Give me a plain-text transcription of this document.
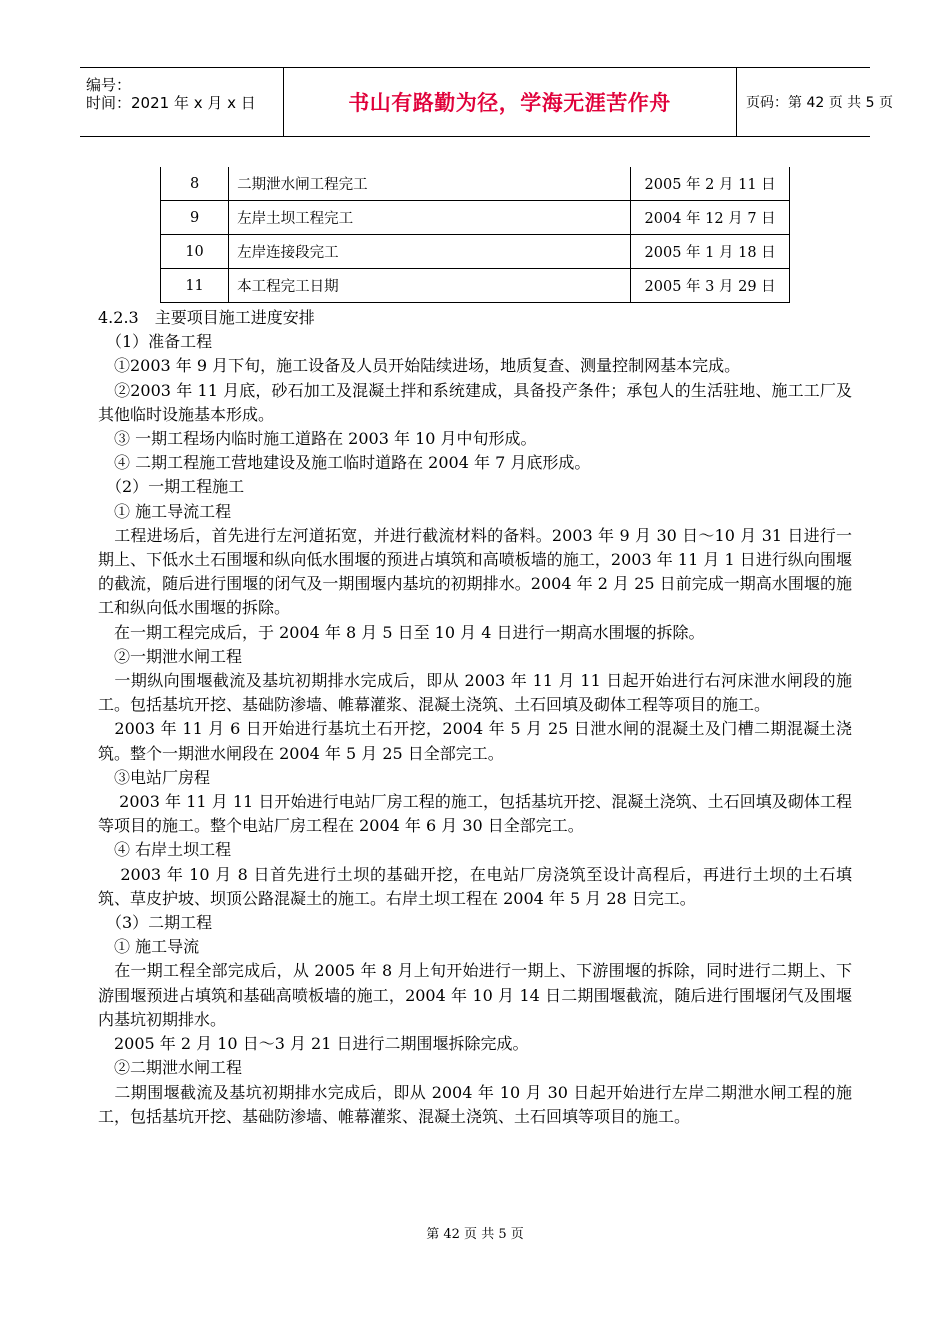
编号：
时间：2021 年 x 月 x 日	书山有路勤为径，学海无涯苦作舟	页码：第 42 页 共 5 页
8	二期泄水闸工程完工	2005 年 2 月 11 日
9	左岸土坝工程完工	2004 年 12 月 7 日
10	左岸连接段完工	2005 年 1 月 18 日
11	本工程完工日期	2005 年 3 月 29 日

4.2.3　主要项目施工进度安排

　（1）准备工程

　①2003 年 9 月下旬，施工设备及人员开始陆续进场，地质复查、测量控制网基本完成。

　②2003 年 11 月底，砂石加工及混凝土拌和系统建成，具备投产条件；承包人的生活驻地、施工工厂及其他临时设施基本形成。

　③ 一期工程场内临时施工道路在 2003 年 10 月中旬形成。

　④ 二期工程施工营地建设及施工临时道路在 2004 年 7 月底形成。

　（2）一期工程施工

　① 施工导流工程

　工程进场后，首先进行左河道拓宽，并进行截流材料的备料。2003 年 9 月 30 日～10 月 31 日进行一期上、下低水土石围堰和纵向低水围堰的预进占填筑和高喷板墙的施工，2003 年 11 月 1 日进行纵向围堰的截流，随后进行围堰的闭气及一期围堰内基坑的初期排水。2004 年 2 月 25 日前完成一期高水围堰的施工和纵向低水围堰的拆除。

　在一期工程完成后，于 2004 年 8 月 5 日至 10 月 4 日进行一期高水围堰的拆除。

　②一期泄水闸工程

　一期纵向围堰截流及基坑初期排水完成后，即从 2003 年 11 月 11 日起开始进行右河床泄水闸段的施工。包括基坑开挖、基础防渗墙、帷幕灌浆、混凝土浇筑、土石回填及砌体工程等项目的施工。

　2003 年 11 月 6 日开始进行基坑土石开挖，2004 年 5 月 25 日泄水闸的混凝土及门槽二期混凝土浇筑。整个一期泄水闸段在 2004 年 5 月 25 日全部完工。

　③电站厂房程

　 2003 年 11 月 11 日开始进行电站厂房工程的施工，包括基坑开挖、混凝土浇筑、土石回填及砌体工程等项目的施工。整个电站厂房工程在 2004 年 6 月 30 日全部完工。

　④ 右岸土坝工程

　 2003 年 10 月 8 日首先进行土坝的基础开挖，在电站厂房浇筑至设计高程后，再进行土坝的土石填筑、草皮护坡、坝顶公路混凝土的施工。右岸土坝工程在 2004 年 5 月 28 日完工。

　（3）二期工程

　① 施工导流

　在一期工程全部完成后，从 2005 年 8 月上旬开始进行一期上、下游围堰的拆除，同时进行二期上、下游围堰预进占填筑和基础高喷板墙的施工，2004 年 10 月 14 日二期围堰截流，随后进行围堰闭气及围堰内基坑初期排水。

　2005 年 2 月 10 日～3 月 21 日进行二期围堰拆除完成。

　②二期泄水闸工程

　二期围堰截流及基坑初期排水完成后，即从 2004 年 10 月 30 日起开始进行左岸二期泄水闸工程的施工，包括基坑开挖、基础防渗墙、帷幕灌浆、混凝土浇筑、土石回填等项目的施工。

第 42 页 共 5 页
